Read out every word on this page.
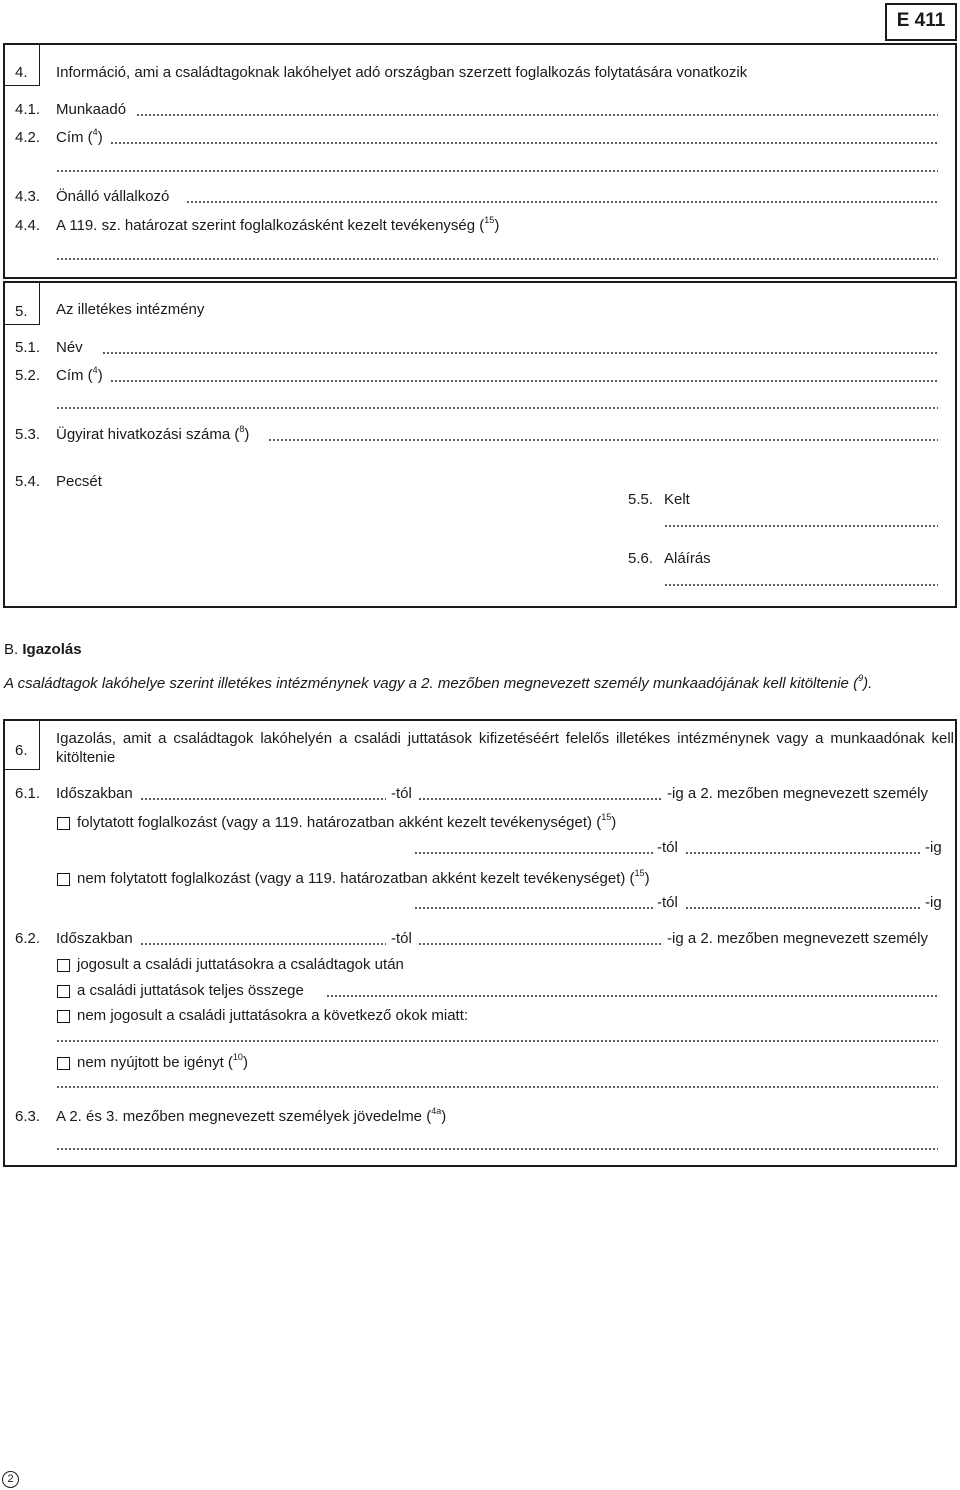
E 411
4. Információ, ami a családtagoknak lakóhelyet adó országban szerzett foglalkozás folytatására vonatkozik
4.1. Munkaadó
4.2. Cím ($^4$)
4.3. Önálló vállalkozó
4.4. A 119. sz. határozat szerint foglalkozásként kezelt tevékenység ($^{15}$)
5. Az illetékes intézmény
5.1. Név
5.2. Cím ($^4$)
5.3. Ügyirat hivatkozási száma ($^8$)
5.4. Pecsét
5.5. Kelt
5.6. Aláírás
B. Igazolás
A családtagok lakóhelye szerint illetékes intézménynek vagy a 2. mezőben megnevezett személy munkaadójának kell kitöltenie ($^9$).
6.
Igazolás, amit a családtagok lakóhelyén a családi juttatások kifizetéséért felelős illetékes intézménynek vagy a munkaadónak kell kitöltenie
6.1. Időszakban	-tól	-ig a 2. mezőben megnevezett személy
folytatott foglalkozást (vagy a 119. határozatban akként kezelt tevékenységet) ($^{15}$)
-tól	-ig
nem folytatott foglalkozást (vagy a 119. határozatban akként kezelt tevékenységet) ($^{15}$)
-tól	-ig
6.2. Időszakban	-tól	-ig a 2. mezőben megnevezett személy
jogosult a családi juttatásokra a családtagok után
a családi juttatások teljes összege
nem jogosult a családi juttatásokra a következő okok miatt:
nem nyújtott be igényt ($^{10}$)
6.3. A 2. és 3. mezőben megnevezett személyek jövedelme ($^{4a}$)
2
